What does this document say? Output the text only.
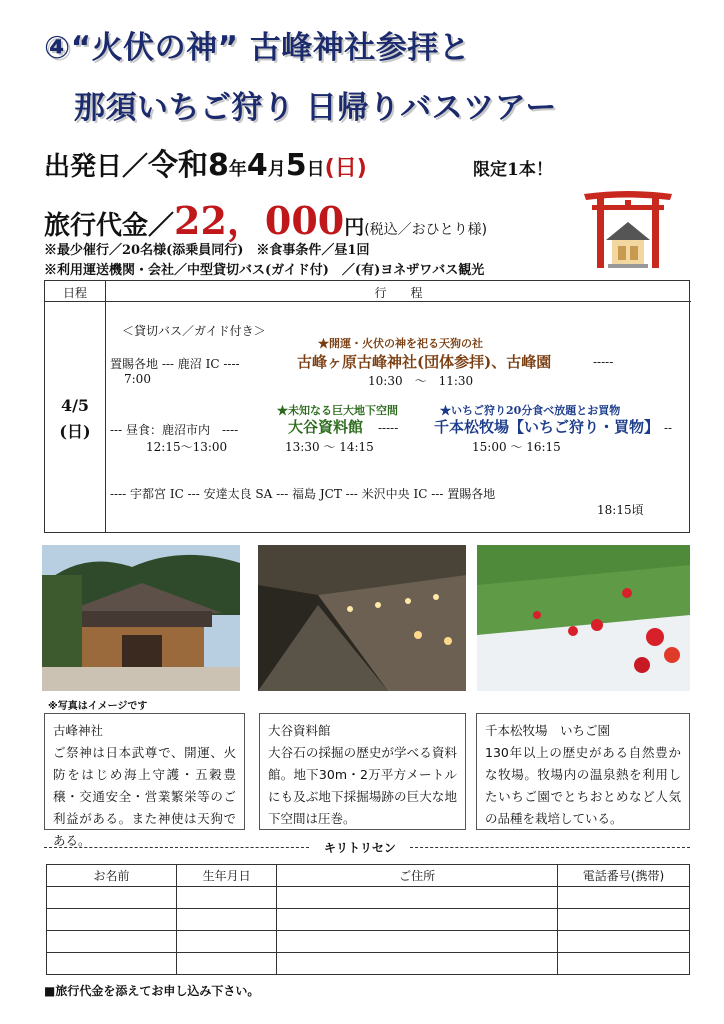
④“火伏の神” 古峰神社参拝と
那須いちご狩り 日帰りバスツアー
出発日／令和8年4月5日(日)	限定1本！
旅行代金／22，000円(税込／おひとり様)
※最少催行／20名様(添乗員同行)　※食事条件／昼1回
※利用運送機関・会社／中型貸切バス(ガイド付)　／(有)ヨネザワバス観光
日程	行　　程
4/5
(日)
＜貸切バス／ガイド付き＞
★開運・火伏の神を祀る天狗の社
置賜各地 --- 鹿沼 IC ----	古峰ヶ原古峰神社(団体参拝)、古峰園	-----
7:00	10:30　～　11:30
★未知なる巨大地下空間	★いちご狩り20分食べ放題とお買物
--- 昼食：鹿沼市内　----	大谷資料館 ----- 千本松牧場【いちご狩り・買物】 --
12:15～13:00	13:30 ～ 14:15	15:00 ～ 16:15
---- 宇都宮 IC --- 安達太良 SA --- 福島 JCT --- 米沢中央 IC --- 置賜各地
18:15頃
※写真はイメージです
古峰神社
ご祭神は日本武尊で、開運、火防をはじめ海上守護・五穀豊穣・交通安全・営業繁栄等のご利益がある。また神使は天狗である。
大谷資料館
大谷石の採掘の歴史が学べる資料館。地下30m・2万平方メートルにも及ぶ地下採掘場跡の巨大な地下空間は圧巻。
千本松牧場　いちご園
130年以上の歴史がある自然豊かな牧場。牧場内の温泉熱を利用したいちご園でとちおとめなど人気の品種を栽培している。
キリトリセン
お名前	生年月日	ご住所	電話番号(携帯)

■旅行代金を添えてお申し込み下さい。
